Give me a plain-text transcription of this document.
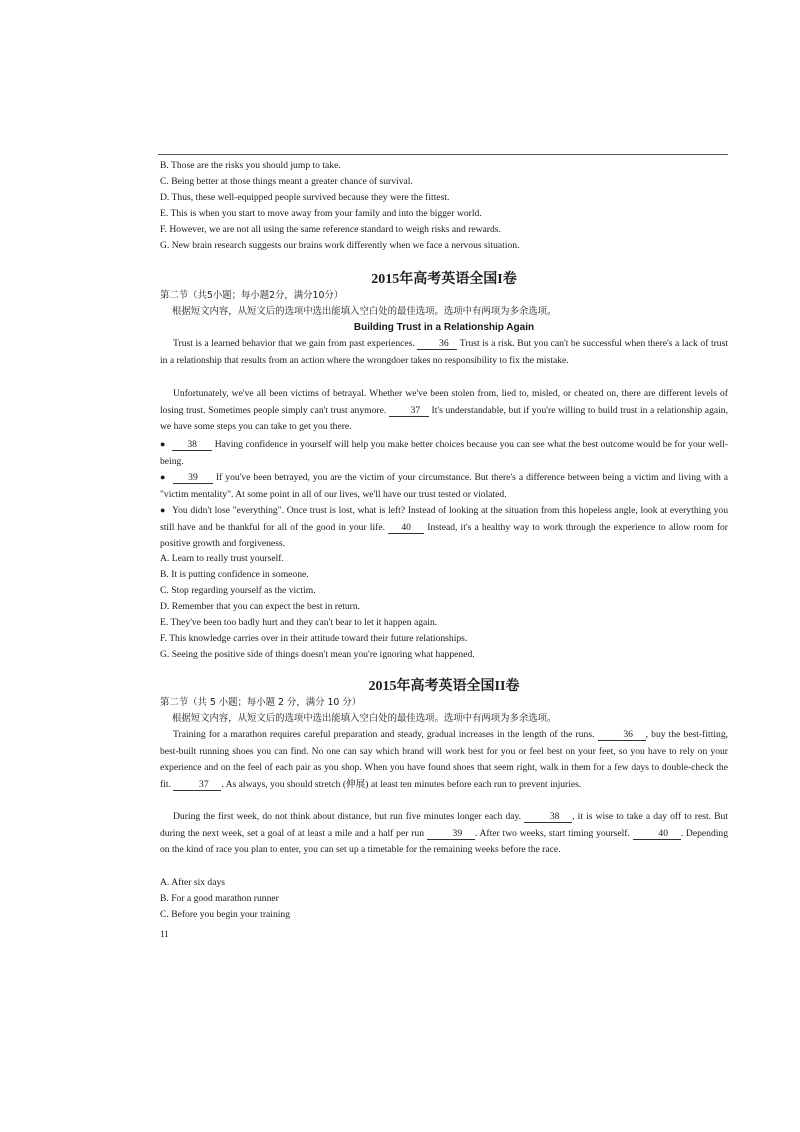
B. Those are the risks you should jump to take.
C. Being better at those things meant a greater chance of survival.
D. Thus, these well-equipped people survived because they were the fittest.
E. This is when you start to move away from your family and into the bigger world.
F. However, we are not all using the same reference standard to weigh risks and rewards.
G. New brain research suggests our brains work differently when we face a nervous situation.
2015年高考英语全国I卷
第二节（共5小题；每小题2分，满分10分）
根据短文内容，从短文后的选项中选出能填入空白处的最佳选项。选项中有两项为多余选项。
Building Trust in a Relationship Again
Trust is a learned behavior that we gain from past experiences.	36 Trust is a risk. But you can't be successful when there's a lack of trust in a relationship that results from an action where the wrongdoer takes no responsibility to fix the mistake.
Unfortunately, we've all been victims of betrayal. Whether we've been stolen from, lied to, misled, or cheated on, there are different levels of losing trust. Sometimes people simply can't trust anymore.	37 It's understandable, but if you're willing to build trust in a relationship again, we have some steps you can take to get you there.
● 38 Having confidence in yourself will help you make better choices because you can see what the best outcome would be for your well-being.
● 39 If you've been betrayed, you are the victim of your circumstance. But there's a difference between being a victim and living with a "victim mentality". At some point in all of our lives, we'll have our trust tested or violated.
● You didn't lose "everything". Once trust is lost, what is left? Instead of looking at the situation from this hopeless angle, look at everything you still have and be thankful for all of the good in your life. 40 Instead, it's a healthy way to work through the experience to allow room for positive growth and forgiveness.
A. Learn to really trust yourself.
B. It is putting confidence in someone.
C. Stop regarding yourself as the victim.
D. Remember that you can expect the best in return.
E. They've been too badly hurt and they can't bear to let it happen again.
F. This knowledge carries over in their attitude toward their future relationships.
G. Seeing the positive side of things doesn't mean you're ignoring what happened.
2015年高考英语全国II卷
第二节（共 5 小题；每小题 2 分，满分 10 分）
根据短文内容，从短文后的选项中选出能填入空白处的最佳选项。选项中有两项为多余选项。
Training for a marathon requires careful preparation and steady, gradual increases in the length of the runs.	36 , buy the best-fitting, best-built running shoes you can find. No one can say which brand will work best for you or feel best on your feet, so you have to rely on your experience and on the feel of each pair as you shop. When you have found shoes that seem right, walk in them for a few days to double-check the fit.	37 . As always, you should stretch (伸展) at least ten minutes before each run to prevent injuries.
During the first week, do not think about distance, but run five minutes longer each day.	38 , it is wise to take a day off to rest. But during the next week, set a goal of at least a mile and a half per run	39 . After two weeks, start timing yourself.	40 . Depending on the kind of race you plan to enter, you can set up a timetable for the remaining weeks before the race.
A. After six days
B. For a good marathon runner
C. Before you begin your training
11
